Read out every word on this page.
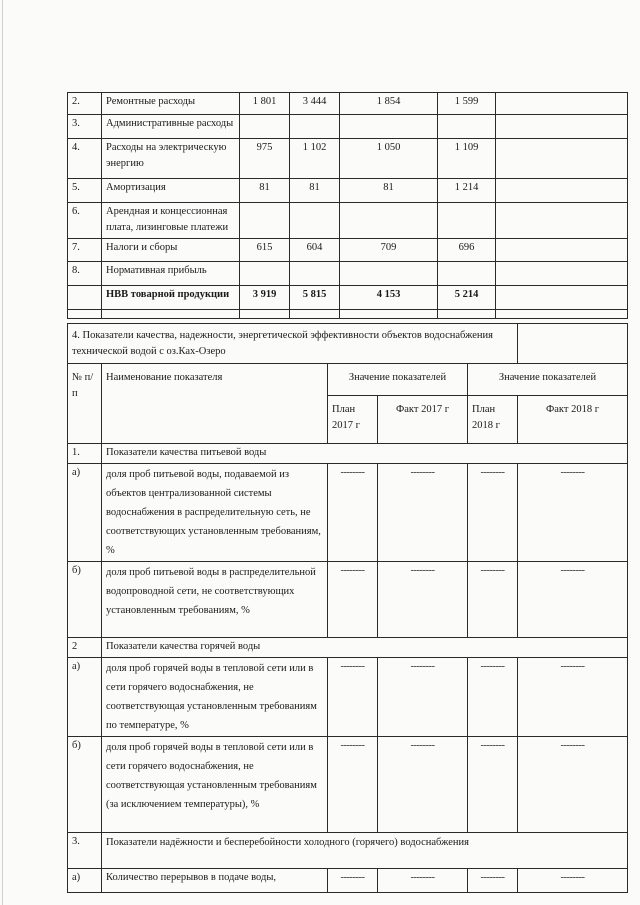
2.	Ремонтные расходы	1 801	3 444	1 854	1 599	
3.	Административные расходы					
4.	Расходы на электрическую энергию	975	1 102	1 050	1 109	
5.	Амортизация	81	81	81	1 214	
6.	Арендная и концессионная плата, лизинговые платежи					
7.	Налоги и сборы	615	604	709	696	
8.	Нормативная прибыль					
	НВВ товарной продукции	3 919	5 815	4 153	5 214	

4. Показатели качества, надежности, энергетической эффективности объектов водоснабжения технической водой с оз.Ках-Озеро					
№ п/п	Наименование показателя	Значение показателей		Значение показателей	
		План 2017 г	Факт 2017 г	План 2018 г	Факт 2018 г
1.	Показатели качества питьевой воды				
а)	доля проб питьевой воды, подаваемой из объектов централизованной системы водоснабжения в распределительную сеть, не соответствующих установленным требованиям, %	--------	--------	--------	--------
б)	доля проб питьевой воды в распределительной водопроводной сети, не соответствующих установленным требованиям, %	--------	--------	--------	--------
2	Показатели качества горячей воды				
а)	доля проб горячей воды в тепловой сети или в сети горячего водоснабжения, не соответствующая установленным требованиям по температуре, %	--------	--------	--------	--------
б)	доля проб горячей воды в тепловой сети или в сети горячего водоснабжения, не соответствующая установленным требованиям (за исключением температуры), %	--------	--------	--------	--------
3.	Показатели надёжности и бесперебойности холодного (горячего) водоснабжения				
а)	Количество перерывов в подаче воды,	--------	--------	--------	--------
